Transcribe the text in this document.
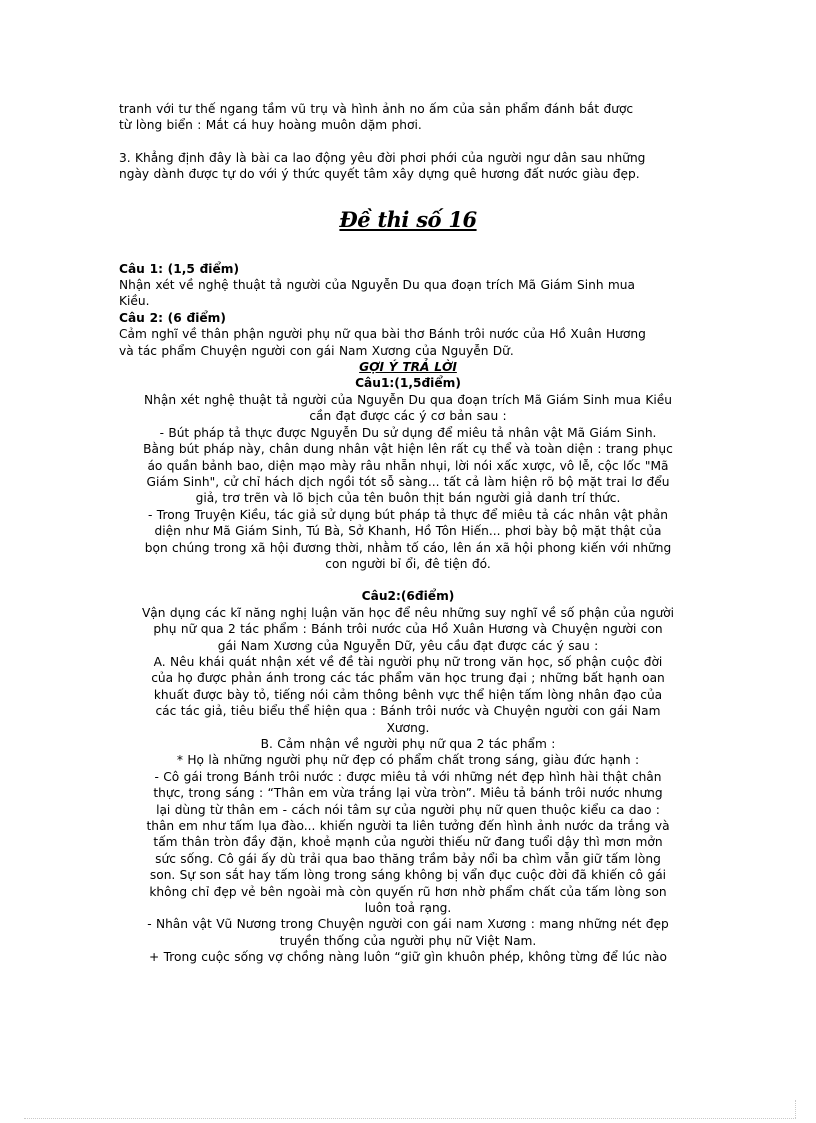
tranh với tư thế ngang tầm vũ trụ và hình ảnh no ấm của sản phẩm đánh bắt được

từ lòng biển : Mắt cá huy hoàng muôn dặm phơi.

3. Khẳng định đây là bài ca lao động yêu đời phơi phới của người ngư dân sau những

ngày dành được tự do với ý thức quyết tâm xây dựng quê hương đất nước giàu đẹp.

Đề thi số 16

Câu 1: (1,5 điểm)

Nhận xét về nghệ thuật tả người của Nguyễn Du qua đoạn trích Mã Giám Sinh mua

Kiều.

Câu 2: (6 điểm)

Cảm nghĩ về thân phận người phụ nữ qua bài thơ Bánh trôi nước của Hồ Xuân Hương

và tác phẩm Chuyện người con gái Nam Xương của Nguyễn Dữ.

GỢI Ý TRẢ LỜI

Câu1:(1,5điểm)

Nhận xét nghệ thuật tả người của Nguyễn Du qua đoạn trích Mã Giám Sinh mua Kiều

cần đạt được các ý cơ bản sau :

- Bút pháp tả thực được Nguyễn Du sử dụng để miêu tả nhân vật Mã Giám Sinh.

Bằng bút pháp này, chân dung nhân vật hiện lên rất cụ thể và toàn diện : trang phục

áo quần bảnh bao, diện mạo mày râu nhẵn nhụi, lời nói xấc xược, vô lễ, cộc lốc "Mã

Giám Sinh", cử chỉ hách dịch ngồi tót sỗ sàng... tất cả làm hiện rõ bộ mặt trai lơ đểu

giả, trơ trẽn và lõ bịch của tên buôn thịt bán người giả danh trí thức.

- Trong Truyện Kiều, tác giả sử dụng bút pháp tả thực để miêu tả các nhân vật phản

diện như Mã Giám Sinh, Tú Bà, Sở Khanh, Hồ Tôn Hiến... phơi bày bộ mặt thật của

bọn chúng trong xã hội đương thời, nhằm tố cáo, lên án xã hội phong kiến với những

con người bỉ ổi, đê tiện đó.

Câu2:(6điểm)

Vận dụng các kĩ năng nghị luận văn học để nêu những suy nghĩ về số phận của người

phụ nữ qua 2 tác phẩm : Bánh trôi nước của Hồ Xuân Hương và Chuyện người con

gái Nam Xương của Nguyễn Dữ, yêu cầu đạt được các ý sau :

A. Nêu khái quát nhận xét về đề tài người phụ nữ trong văn học, số phận cuộc đời

của họ được phản ánh trong các tác phẩm văn học trung đại ; những bất hạnh oan

khuất được bày tỏ, tiếng nói cảm thông bênh vực thể hiện tấm lòng nhân đạo của

các tác giả, tiêu biểu thể hiện qua : Bánh trôi nước và Chuyện người con gái Nam

Xương.

B. Cảm nhận về người phụ nữ qua 2 tác phẩm :

* Họ là những người phụ nữ đẹp có phẩm chất trong sáng, giàu đức hạnh :

- Cô gái trong Bánh trôi nước : được miêu tả với những nét đẹp hình hài thật chân

thực, trong sáng : “Thân em vừa trắng lại vừa tròn”. Miêu tả bánh trôi nước nhưng

lại dùng từ thân em - cách nói tâm sự của người phụ nữ quen thuộc kiểu ca dao :

thân em như tấm lụa đào... khiến người ta liên tưởng đến hình ảnh nước da trắng và

tấm thân tròn đầy đặn, khoẻ mạnh của người thiếu nữ đang tuổi dậy thì mơn mởn

sức sống. Cô gái ấy dù trải qua bao thăng trầm bảy nổi ba chìm vẫn giữ tấm lòng

son. Sự son sắt hay tấm lòng trong sáng không bị vẩn đục cuộc đời đã khiến cô gái

không chỉ đẹp vẻ bên ngoài mà còn quyến rũ hơn nhờ phẩm chất của tấm lòng son

luôn toả rạng.

- Nhân vật Vũ Nương trong Chuyện người con gái nam Xương : mang những nét đẹp

truyền thống của người phụ nữ Việt Nam.

+ Trong cuộc sống vợ chồng nàng luôn “giữ gìn khuôn phép, không từng để lúc nào
